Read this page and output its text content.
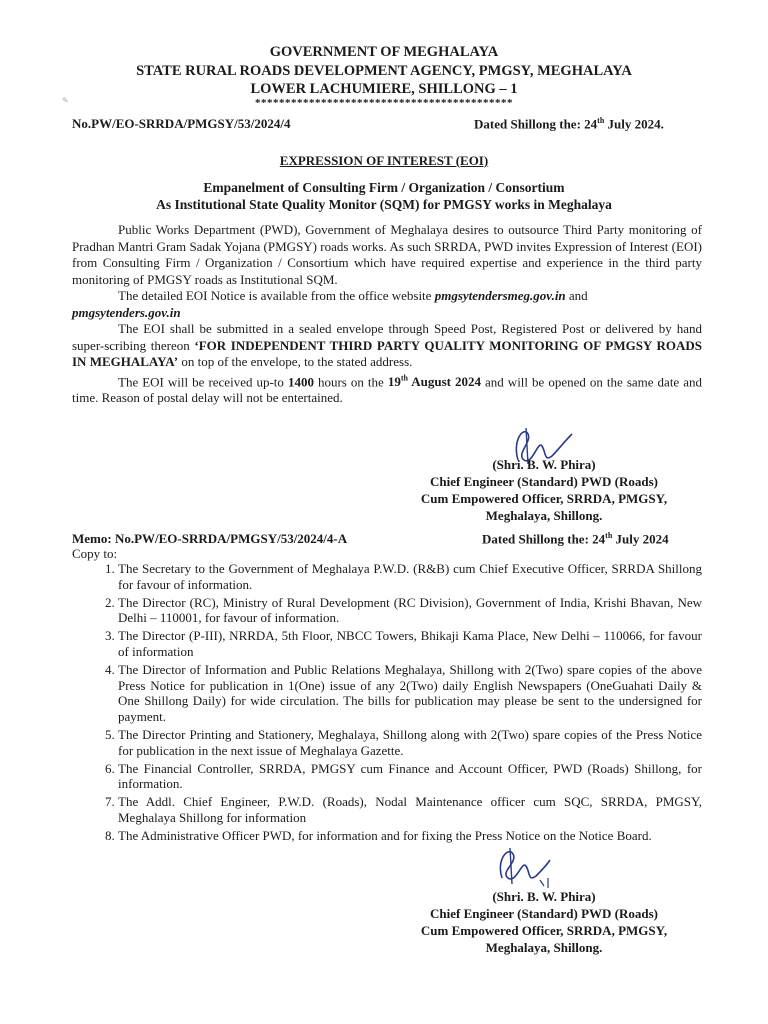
GOVERNMENT OF MEGHALAYA
STATE RURAL ROADS DEVELOPMENT AGENCY, PMGSY, MEGHALAYA
LOWER LACHUMIERE, SHILLONG – 1
*******************************************
✎
No.PW/EO-SRRDA/PMGSY/53/2024/4	Dated Shillong the: 24th July 2024.
EXPRESSION OF INTEREST (EOI)
Empanelment of Consulting Firm / Organization / Consortium
As Institutional State Quality Monitor (SQM) for PMGSY works in Meghalaya

Public Works Department (PWD), Government of Meghalaya desires to outsource Third Party monitoring of Pradhan Mantri Gram Sadak Yojana (PMGSY) roads works. As such SRRDA, PWD invites Expression of Interest (EOI) from Consulting Firm / Organization / Consortium which have required expertise and experience in the third party monitoring of PMGSY roads as Institutional SQM.

The detailed EOI Notice is available from the office website pmgsytendersmeg.gov.in and

pmgsytenders.gov.in

The EOI shall be submitted in a sealed envelope through Speed Post, Registered Post or delivered by hand super-scribing thereon ‘FOR INDEPENDENT THIRD PARTY QUALITY MONITORING OF PMGSY ROADS IN MEGHALAYA’ on top of the envelope, to the stated address.

The EOI will be received up-to 1400 hours on the 19th August 2024 and will be opened on the same date and time. Reason of postal delay will not be entertained.

(Shri. B. W. Phira)
Chief Engineer (Standard) PWD (Roads)
Cum Empowered Officer, SRRDA, PMGSY,
Meghalaya, Shillong.
Memo: No.PW/EO-SRRDA/PMGSY/53/2024/4-A	Dated Shillong the: 24th July 2024
Copy to:
1. The Secretary to the Government of Meghalaya P.W.D. (R&B) cum Chief Executive Officer, SRRDA Shillong for favour of information.
2. The Director (RC), Ministry of Rural Development (RC Division), Government of India, Krishi Bhavan, New Delhi – 110001, for favour of information.
3. The Director (P-III), NRRDA, 5th Floor, NBCC Towers, Bhikaji Kama Place, New Delhi – 110066, for favour of information
4. The Director of Information and Public Relations Meghalaya, Shillong with 2(Two) spare copies of the above Press Notice for publication in 1(One) issue of any 2(Two) daily English Newspapers (OneGuahati Daily & One Shillong Daily) for wide circulation. The bills for publication may please be sent to the undersigned for payment.
5. The Director Printing and Stationery, Meghalaya, Shillong along with 2(Two) spare copies of the Press Notice for publication in the next issue of Meghalaya Gazette.
6. The Financial Controller, SRRDA, PMGSY cum Finance and Account Officer, PWD (Roads) Shillong, for information.
7. The Addl. Chief Engineer, P.W.D. (Roads), Nodal Maintenance officer cum SQC, SRRDA, PMGSY, Meghalaya Shillong for information
8. The Administrative Officer PWD, for information and for fixing the Press Notice on the Notice Board.
(Shri. B. W. Phira)
Chief Engineer (Standard) PWD (Roads)
Cum Empowered Officer, SRRDA, PMGSY,
Meghalaya, Shillong.
